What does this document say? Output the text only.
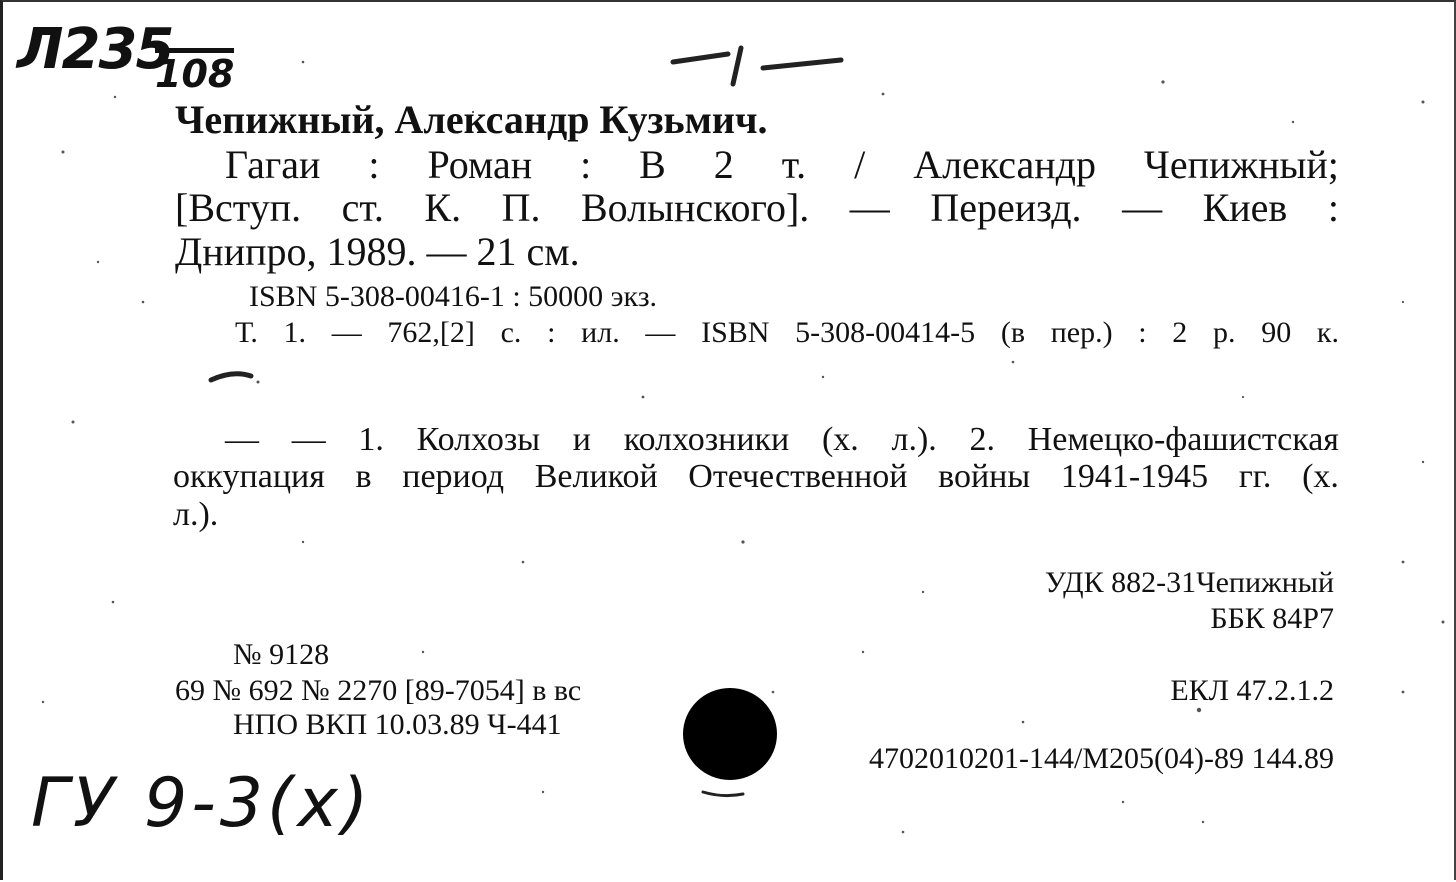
Л235
108
Чепижный, Александр Кузьмич.
Гагаи : Роман : В 2 т. / Александр Чепижный;
[Вступ. ст. К. П. Волынского]. — Переизд. — Киев :
Днипро, 1989. — 21 см.
ISBN 5-308-00416-1 : 50000 экз.
Т. 1. — 762,[2] с. : ил. — ISBN 5-308-00414-5 (в пер.) : 2 р. 90 к.
— — 1. Колхозы и колхозники (х. л.). 2. Немецко-фашистская
оккупация в период Великой Отечественной войны 1941-1945 гг. (х.
л.).
УДК 882-31Чепижный
ББК 84Р7
№ 9128
69 № 692 № 2270 [89-7054] в вс
НПО ВКП 10.03.89 Ч-441
ЕКЛ 47.2.1.2
4702010201-144/М205(04)-89 144.89
ГУ 9-3(x)
